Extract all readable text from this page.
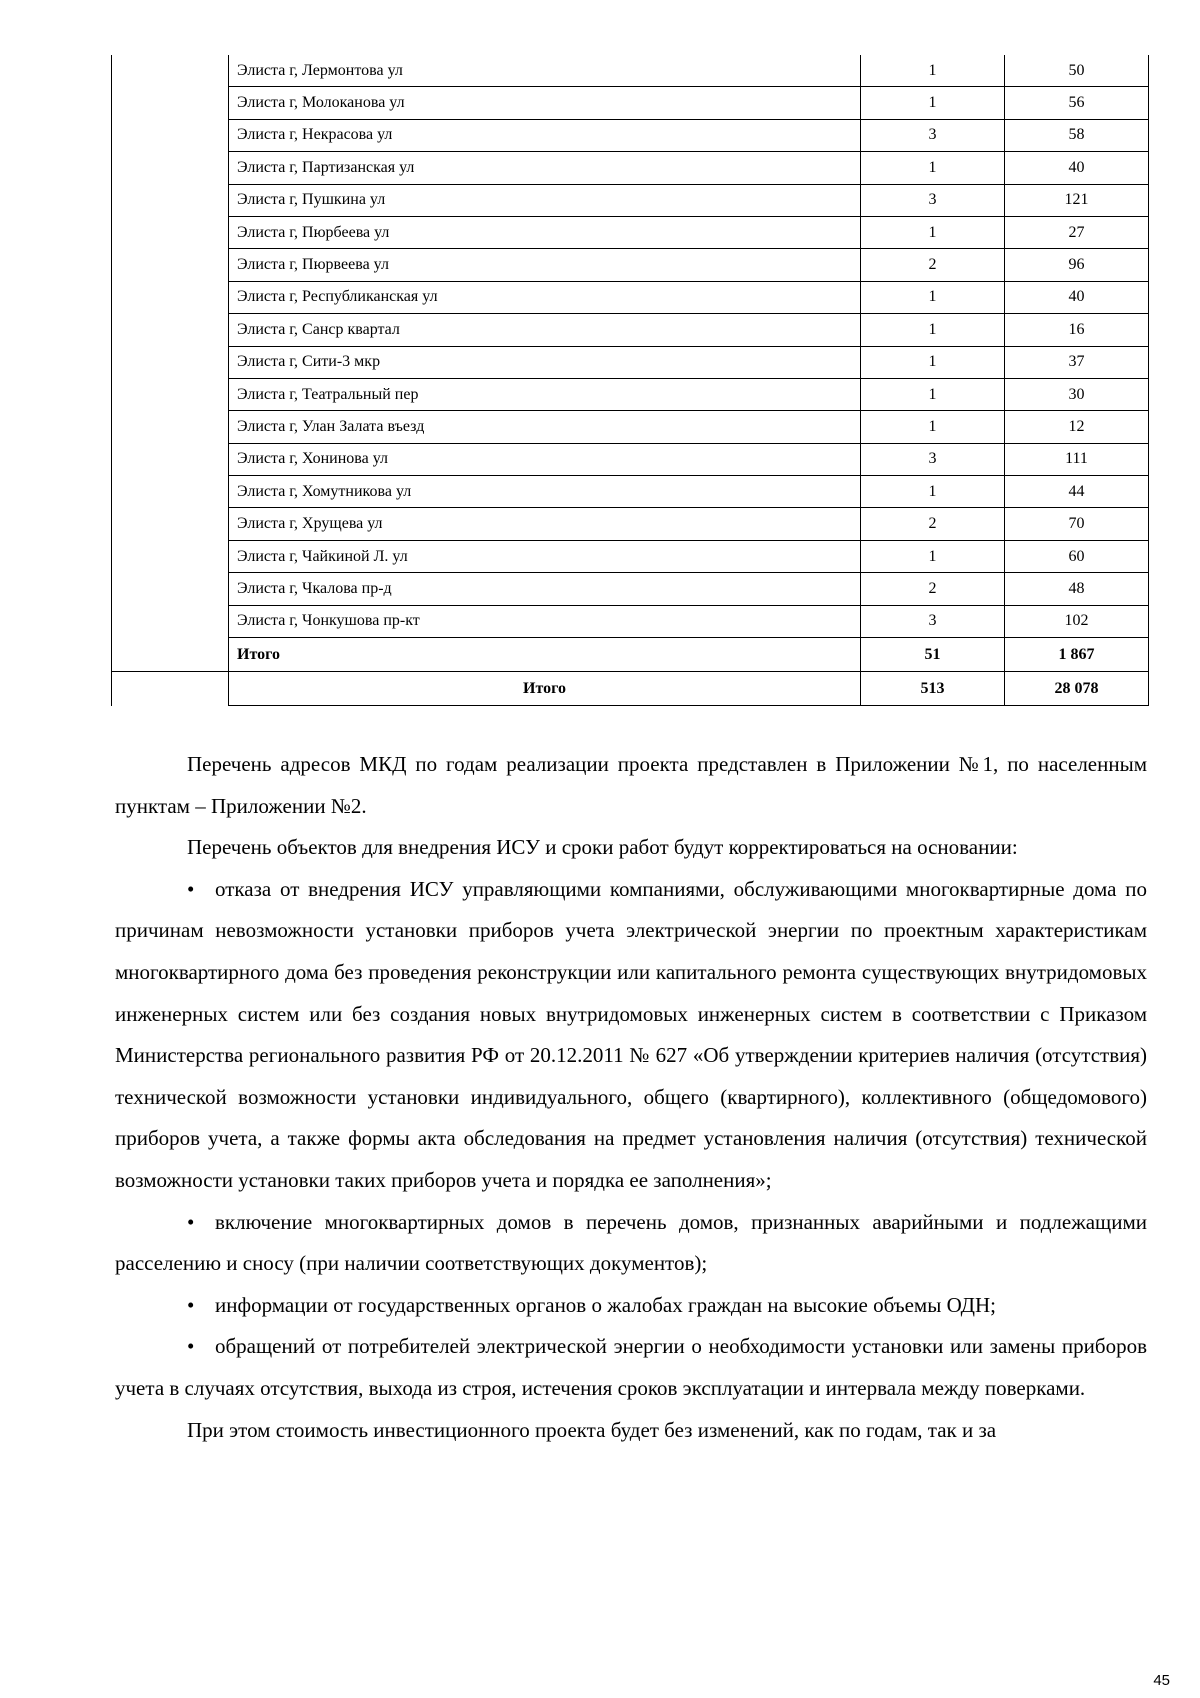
	Элиста г, Лермонтова ул	1	50
	Элиста г, Молоканова ул	1	56
	Элиста г, Некрасова ул	3	58
	Элиста г, Партизанская ул	1	40
	Элиста г, Пушкина ул	3	121
	Элиста г, Пюрбеева ул	1	27
	Элиста г, Пюрвеева ул	2	96
	Элиста г, Республиканская ул	1	40
	Элиста г, Санср квартал	1	16
	Элиста г, Сити-3 мкр	1	37
	Элиста г, Театральный пер	1	30
	Элиста г, Улан Залата въезд	1	12
	Элиста г, Хонинова ул	3	111
	Элиста г, Хомутникова ул	1	44
	Элиста г, Хрущева ул	2	70
	Элиста г, Чайкиной Л. ул	1	60
	Элиста г, Чкалова пр-д	2	48
	Элиста г, Чонкушова пр-кт	3	102
	Итого	51	1 867
	Итого	513	28 078

Перечень адресов МКД по годам реализации проекта представлен в Приложении №1, по населенным пунктам – Приложении №2.

Перечень объектов для внедрения ИСУ и сроки работ будут корректироваться на основании:

• отказа от внедрения ИСУ управляющими компаниями, обслуживающими многоквартирные дома по причинам невозможности установки приборов учета электрической энергии по проектным характеристикам многоквартирного дома без проведения реконструкции или капитального ремонта существующих внутридомовых инженерных систем или без создания новых внутридомовых инженерных систем в соответствии с Приказом Министерства регионального развития РФ от 20.12.2011 № 627 «Об утверждении критериев наличия (отсутствия) технической возможности установки индивидуального, общего (квартирного), коллективного (общедомового) приборов учета, а также формы акта обследования на предмет установления наличия (отсутствия) технической возможности установки таких приборов учета и порядка ее заполнения»;

• включение многоквартирных домов в перечень домов, признанных аварийными и подлежащими расселению и сносу (при наличии соответствующих документов);

• информации от государственных органов о жалобах граждан на высокие объемы ОДН;

• обращений от потребителей электрической энергии о необходимости установки или замены приборов учета в случаях отсутствия, выхода из строя, истечения сроков эксплуатации и интервала между поверками.

При этом стоимость инвестиционного проекта будет без изменений, как по годам, так и за

45
